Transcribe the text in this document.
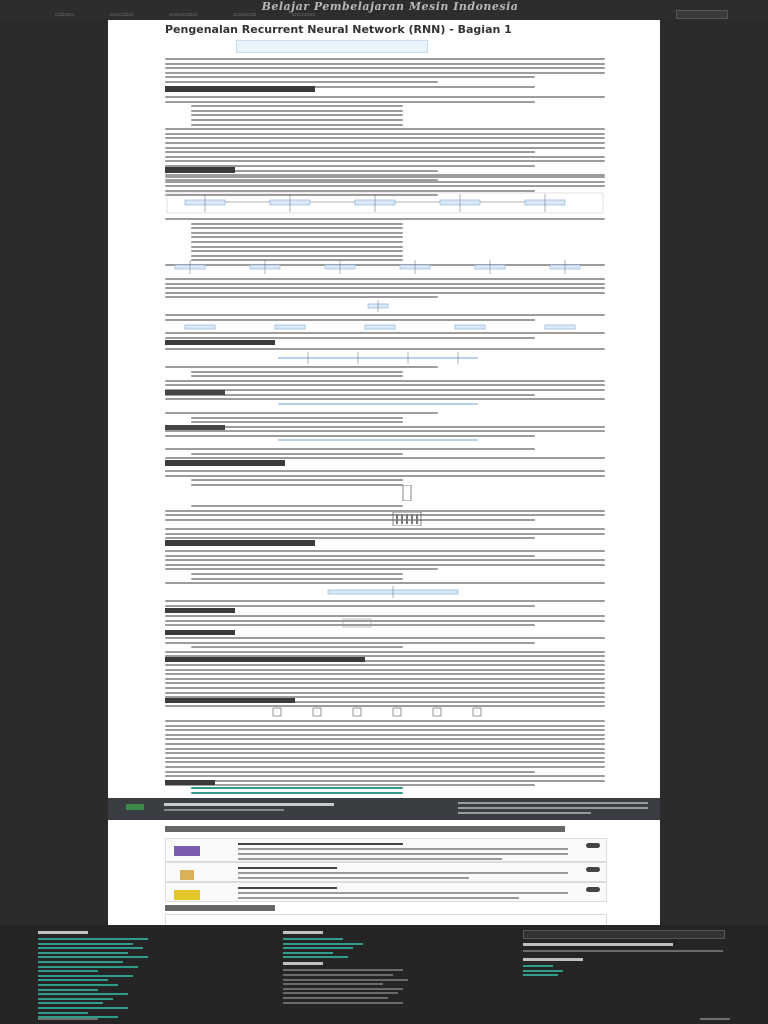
Belajar Pembelajaran Mesin Indonesia
▭▭▭▭	▭▭▭▭▭	▭▭▭▭▭▭	▭▭▭▭▭	▭▭▭▭▭
Pengenalan Recurrent Neural Network (RNN) - Bagian 1
